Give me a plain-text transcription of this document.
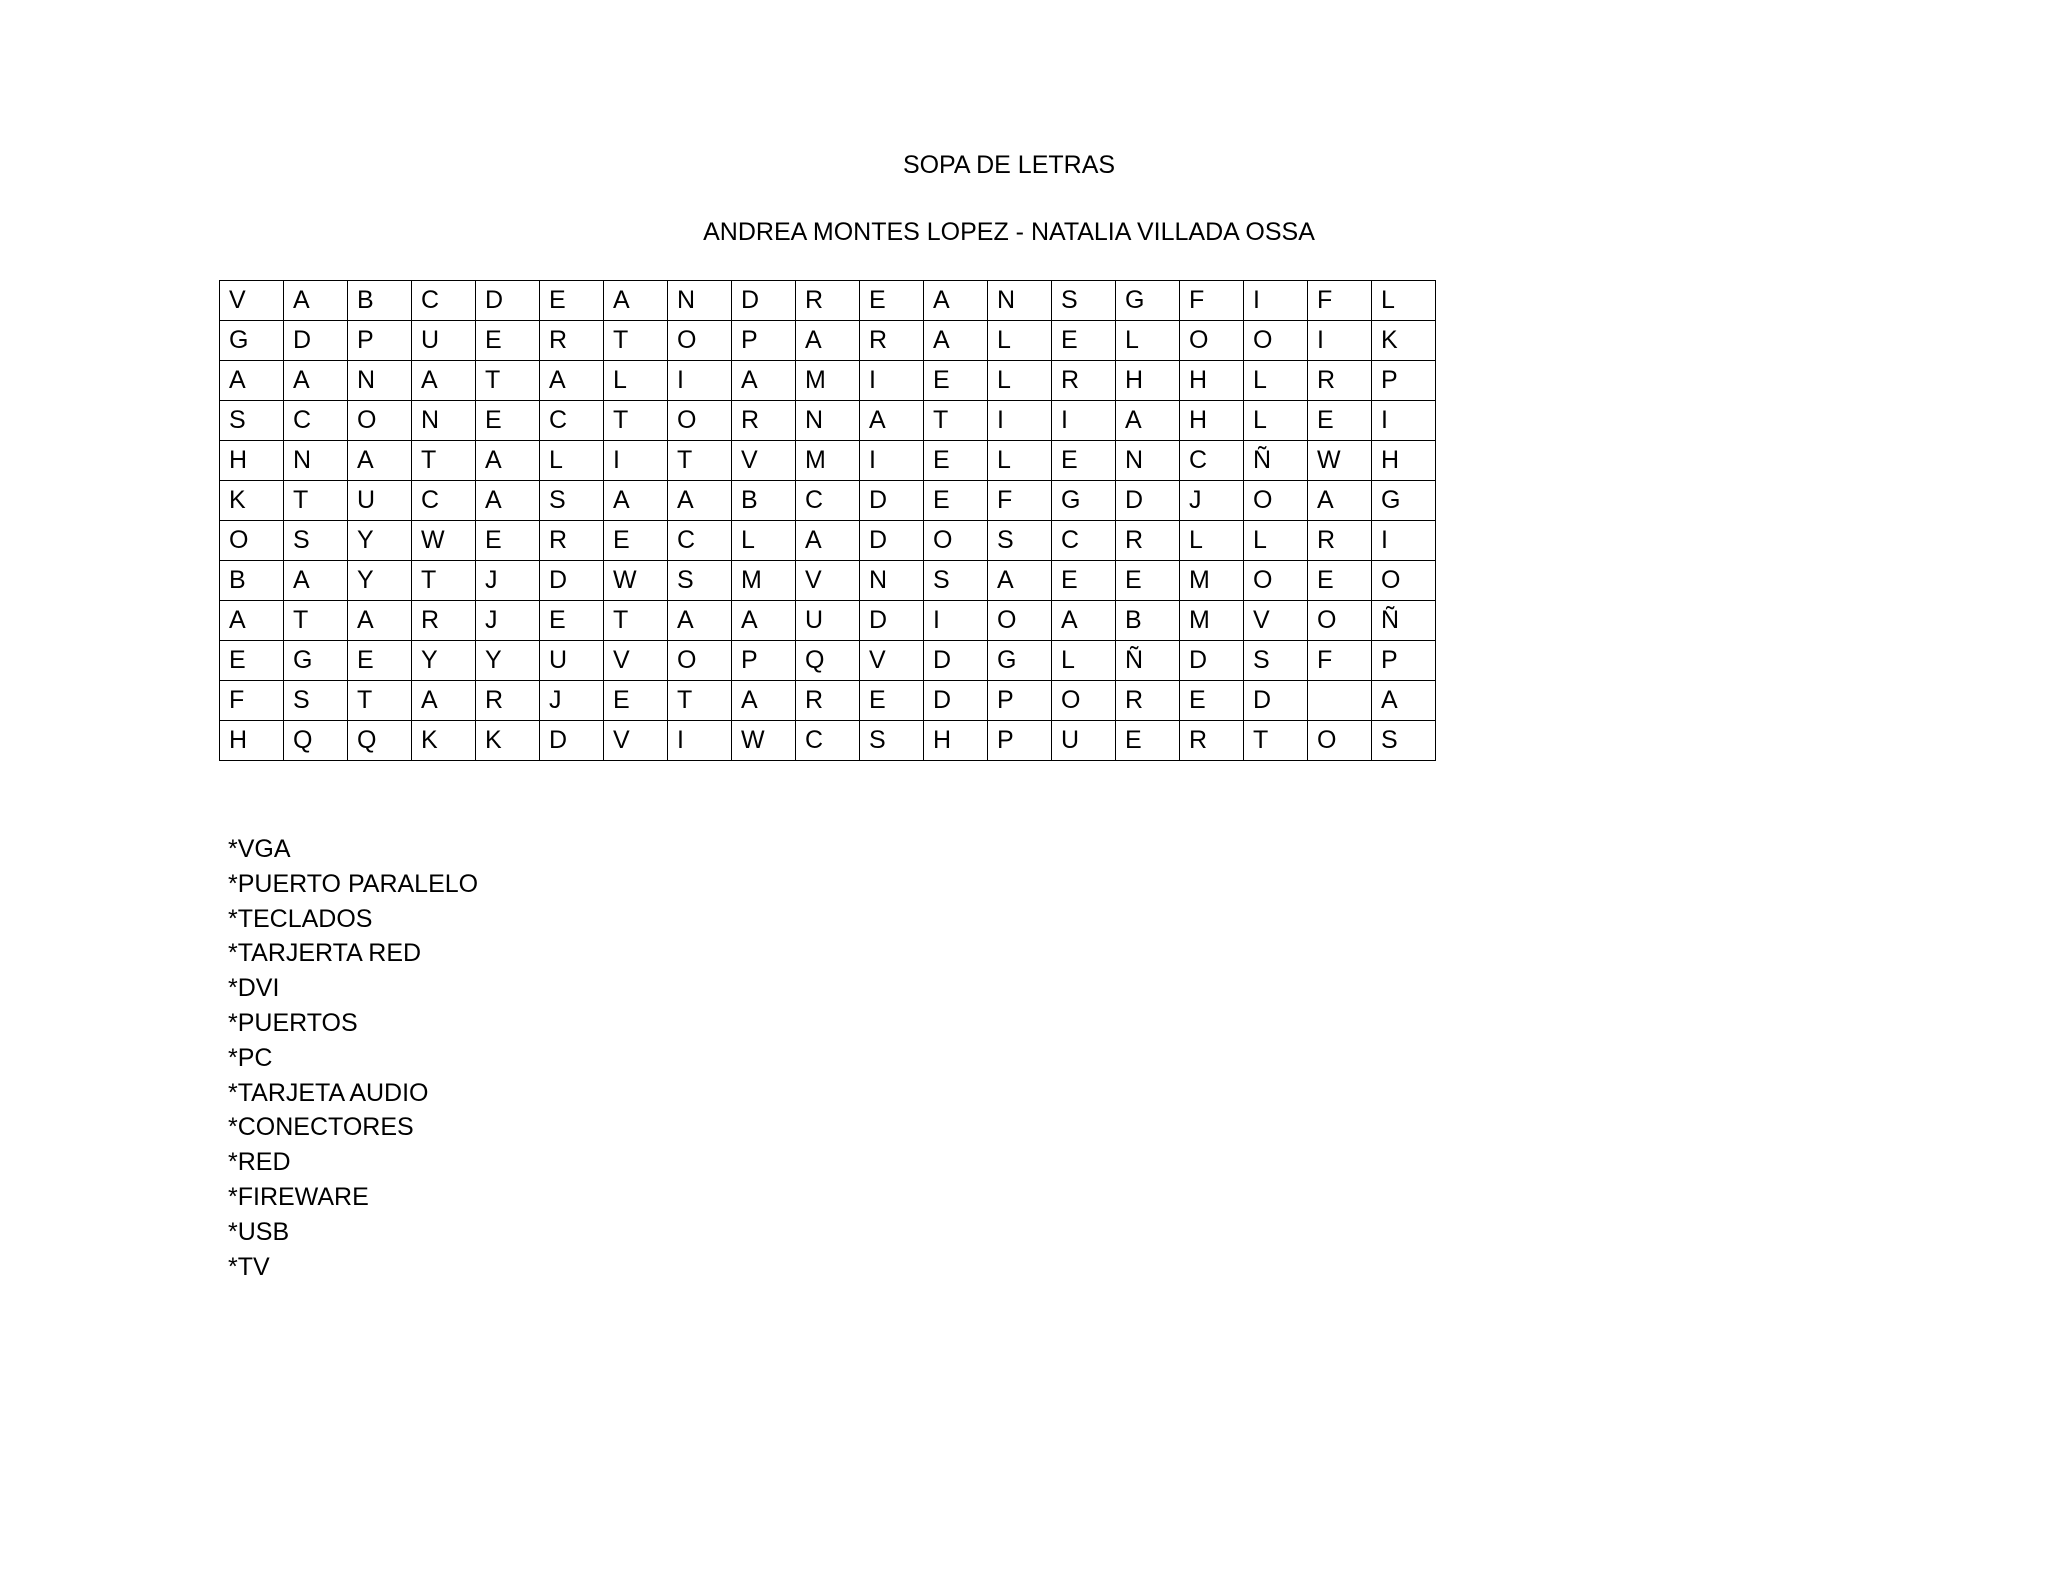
SOPA DE LETRAS
ANDREA MONTES LOPEZ - NATALIA VILLADA OSSA
V	A	B	C	D	E	A	N	D	R	E	A	N	S	G	F	I	F	L
G	D	P	U	E	R	T	O	P	A	R	A	L	E	L	O	O	I	K
A	A	N	A	T	A	L	I	A	M	I	E	L	R	H	H	L	R	P
S	C	O	N	E	C	T	O	R	N	A	T	I	I	A	H	L	E	I
H	N	A	T	A	L	I	T	V	M	I	E	L	E	N	C	Ñ	W	H
K	T	U	C	A	S	A	A	B	C	D	E	F	G	D	J	O	A	G
O	S	Y	W	E	R	E	C	L	A	D	O	S	C	R	L	L	R	I
B	A	Y	T	J	D	W	S	M	V	N	S	A	E	E	M	O	E	O
A	T	A	R	J	E	T	A	A	U	D	I	O	A	B	M	V	O	Ñ
E	G	E	Y	Y	U	V	O	P	Q	V	D	G	L	Ñ	D	S	F	P
F	S	T	A	R	J	E	T	A	R	E	D	P	O	R	E	D		A
H	Q	Q	K	K	D	V	I	W	C	S	H	P	U	E	R	T	O	S
*VGA
*PUERTO PARALELO
*TECLADOS
*TARJERTA RED
*DVI
*PUERTOS
*PC
*TARJETA AUDIO
*CONECTORES
*RED
*FIREWARE
*USB
*TV
